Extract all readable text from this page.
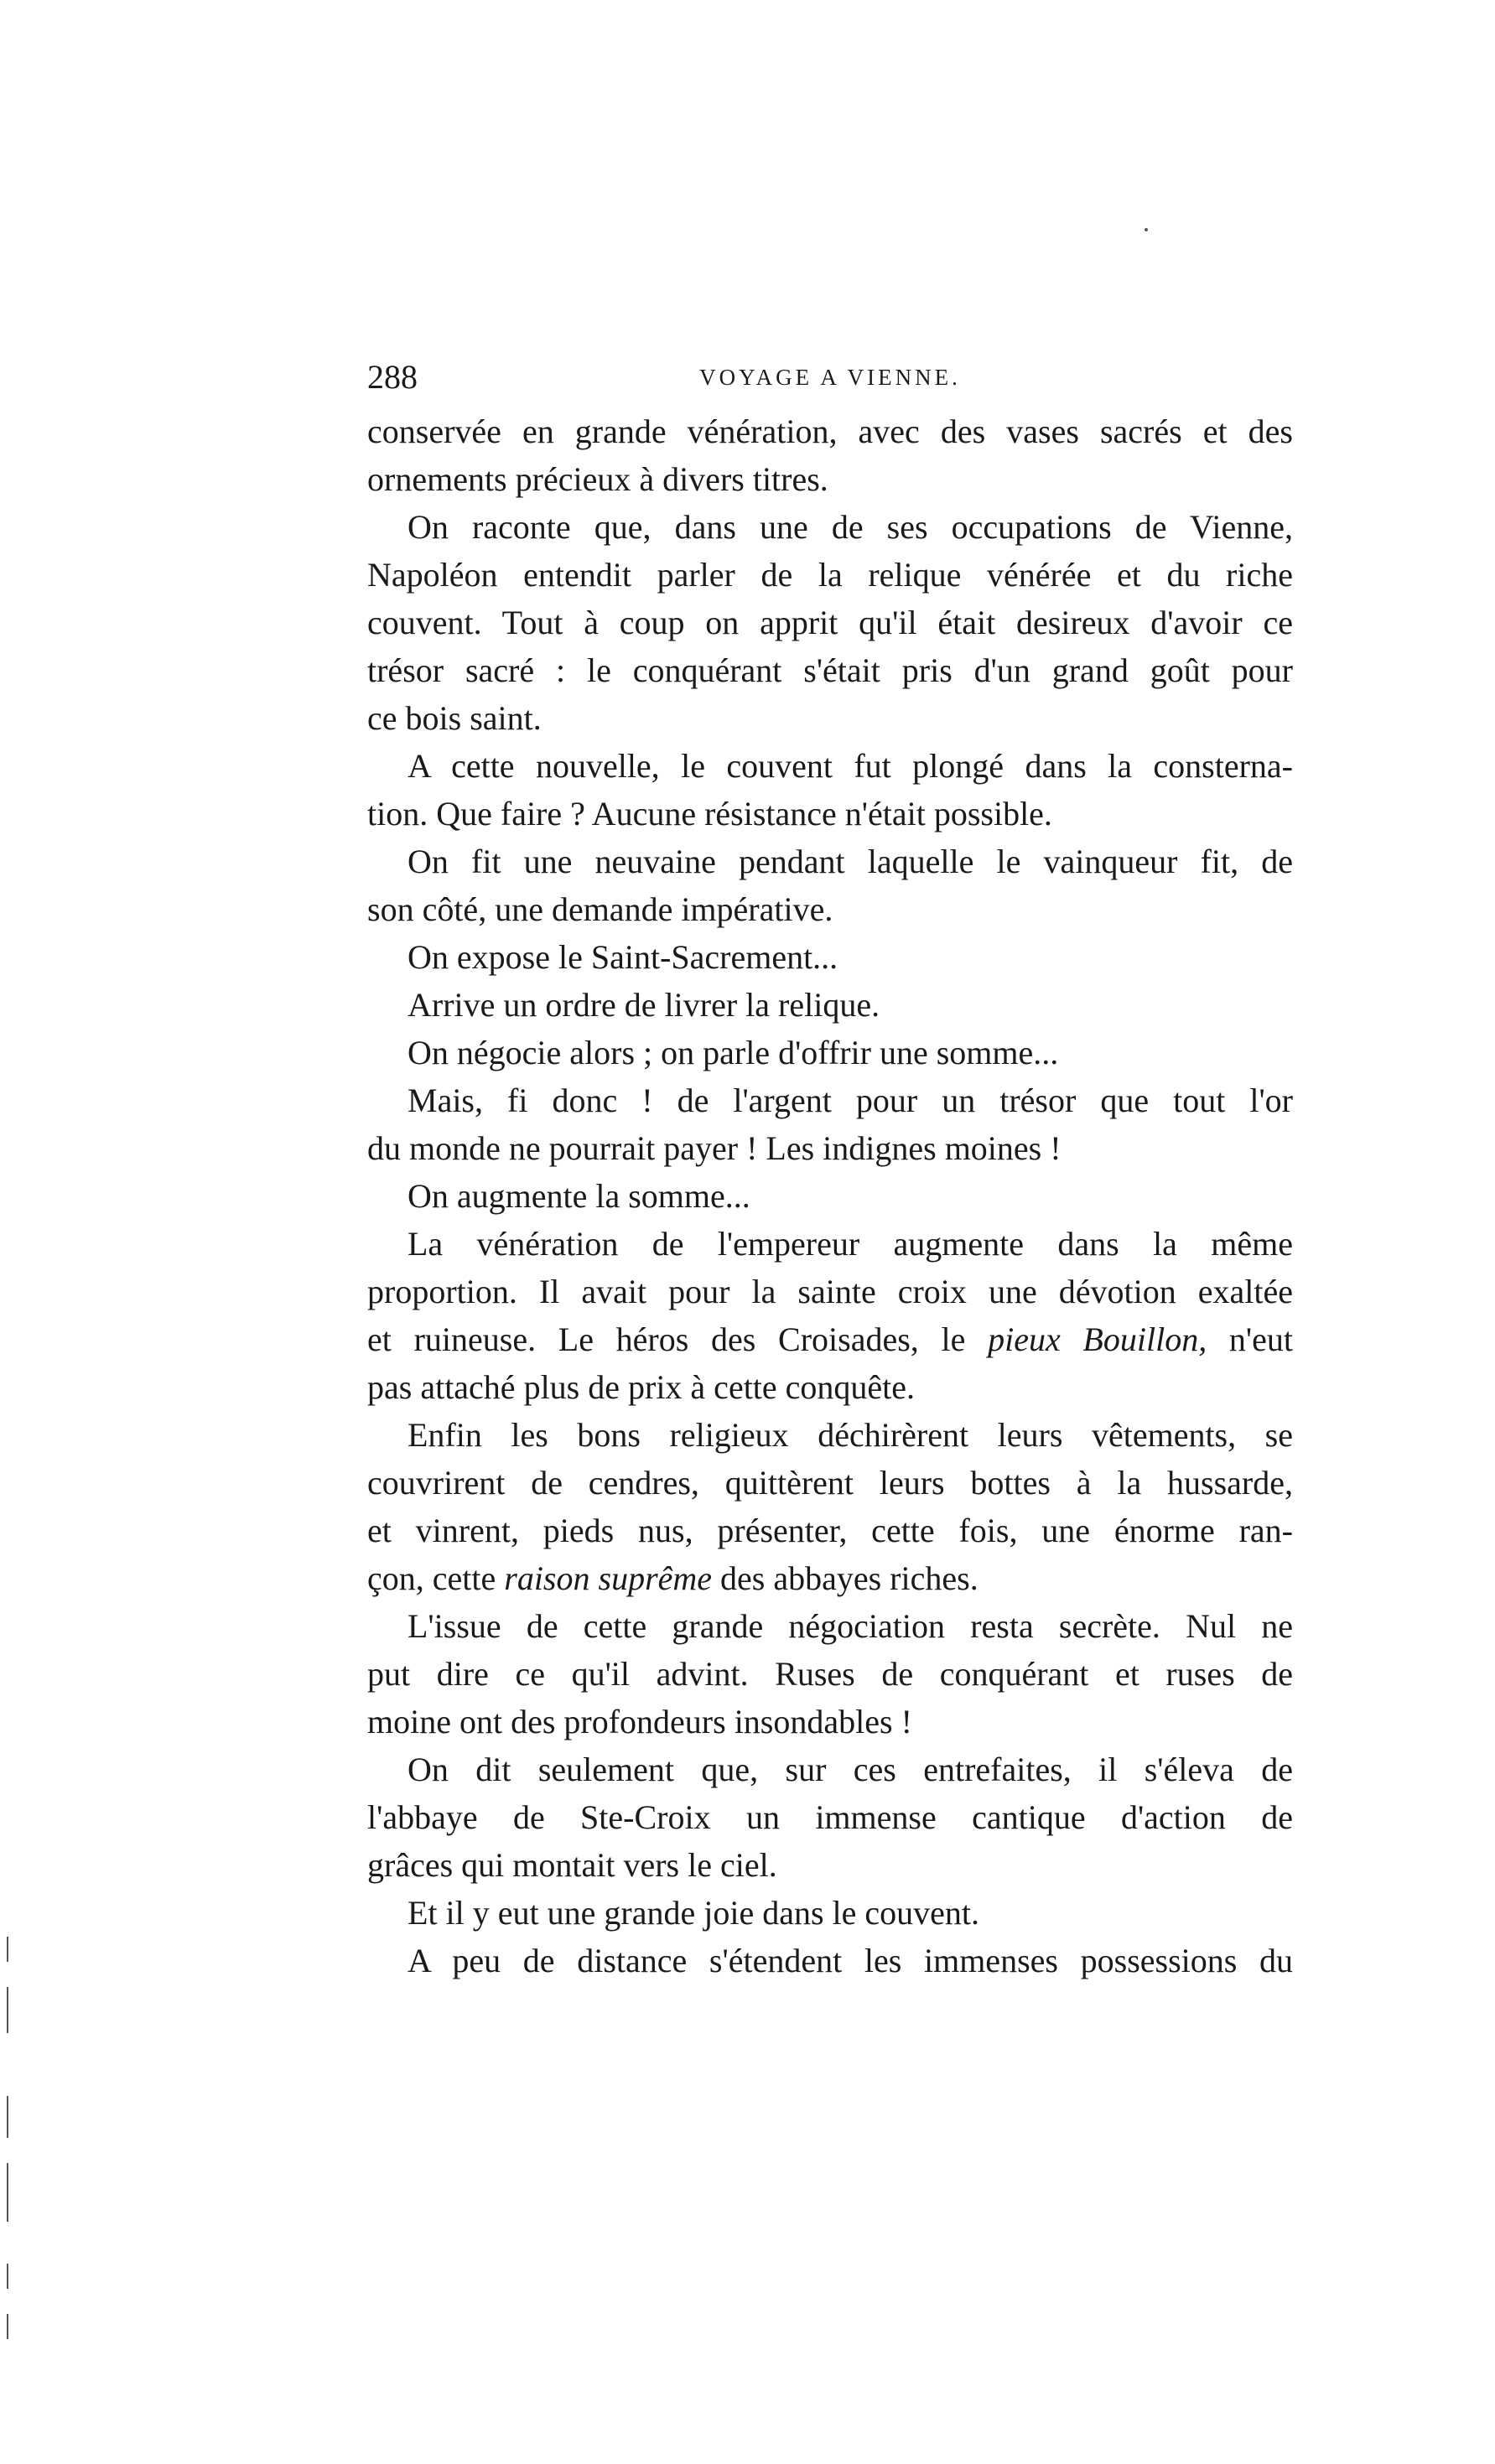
288	VOYAGE A VIENNE.
conservée en grande vénération, avec des vases sacrés et des
ornements précieux à divers titres.
On raconte que, dans une de ses occupations de Vienne,
Napoléon entendit parler de la relique vénérée et du riche
couvent. Tout à coup on apprit qu'il était desireux d'avoir ce
trésor sacré : le conquérant s'était pris d'un grand goût pour
ce bois saint.
A cette nouvelle, le couvent fut plongé dans la consterna-
tion. Que faire ? Aucune résistance n'était possible.
On fit une neuvaine pendant laquelle le vainqueur fit, de
son côté, une demande impérative.
On expose le Saint-Sacrement...
Arrive un ordre de livrer la relique.
On négocie alors ; on parle d'offrir une somme...
Mais, fi donc ! de l'argent pour un trésor que tout l'or
du monde ne pourrait payer ! Les indignes moines !
On augmente la somme...
La vénération de l'empereur augmente dans la même
proportion. Il avait pour la sainte croix une dévotion exaltée
et ruineuse. Le héros des Croisades, le pieux Bouillon, n'eut
pas attaché plus de prix à cette conquête.
Enfin les bons religieux déchirèrent leurs vêtements, se
couvrirent de cendres, quittèrent leurs bottes à la hussarde,
et vinrent, pieds nus, présenter, cette fois, une énorme ran-
çon, cette raison suprême des abbayes riches.
L'issue de cette grande négociation resta secrète. Nul ne
put dire ce qu'il advint. Ruses de conquérant et ruses de
moine ont des profondeurs insondables !
On dit seulement que, sur ces entrefaites, il s'éleva de
l'abbaye de Ste-Croix un immense cantique d'action de
grâces qui montait vers le ciel.
Et il y eut une grande joie dans le couvent.
A peu de distance s'étendent les immenses possessions du
